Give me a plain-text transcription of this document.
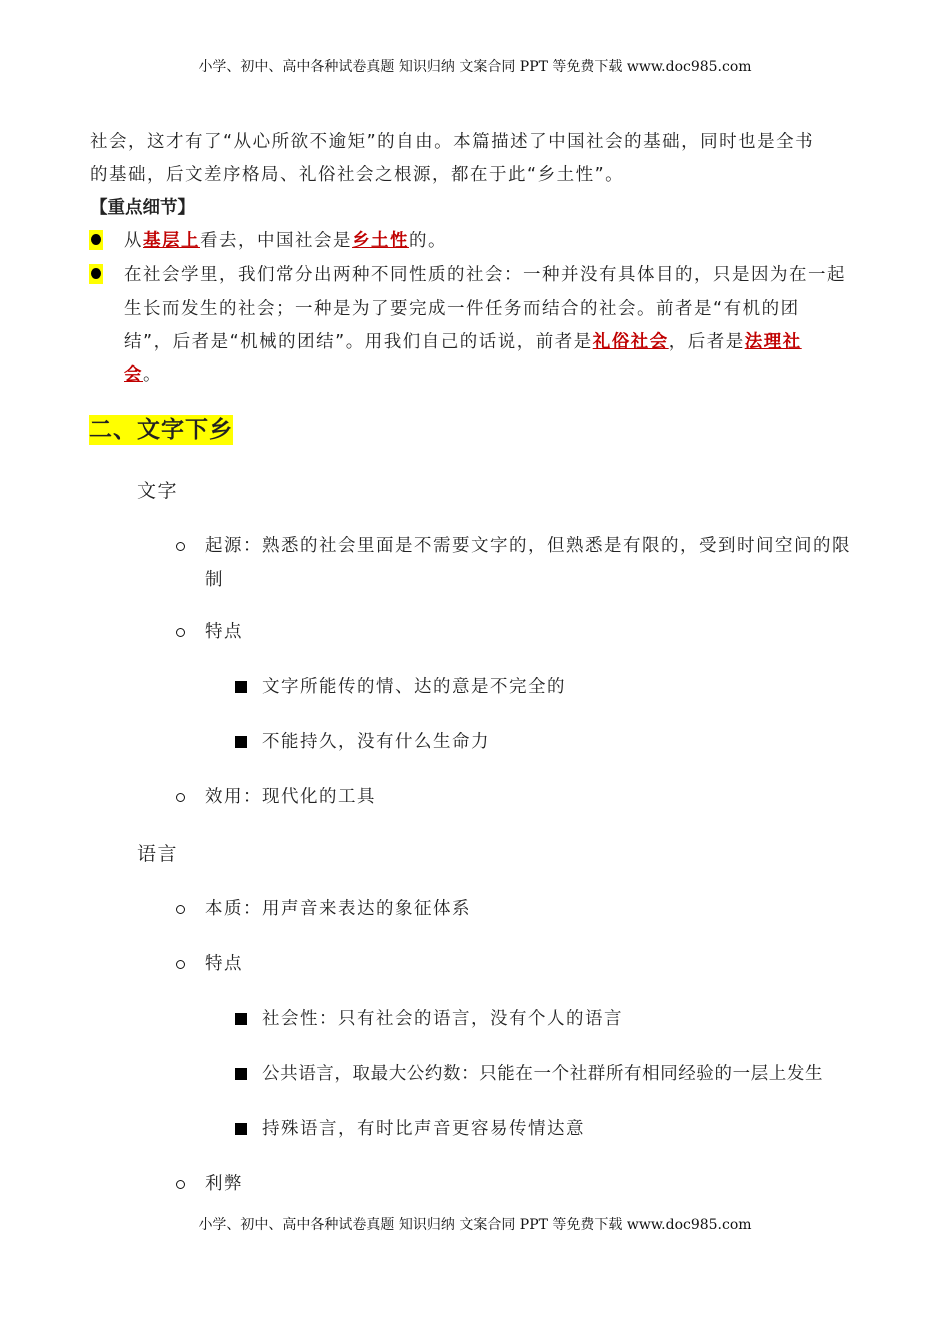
小学、初中、高中各种试卷真题 知识归纳 文案合同 PPT 等免费下载 www.doc985.com
社会，这才有了“从心所欲不逾矩”的自由。本篇描述了中国社会的基础，同时也是全书
的基础，后文差序格局、礼俗社会之根源，都在于此“乡土性”。
【重点细节】
从基层上看去，中国社会是乡土性的。
在社会学里，我们常分出两种不同性质的社会：一种并没有具体目的，只是因为在一起
生长而发生的社会；一种是为了要完成一件任务而结合的社会。前者是“有机的团
结”，后者是“机械的团结”。用我们自己的话说，前者是礼俗社会，后者是法理社
会。
二、文字下乡
文字
起源：熟悉的社会里面是不需要文字的，但熟悉是有限的，受到时间空间的限
制
特点
文字所能传的情、达的意是不完全的
不能持久，没有什么生命力
效用：现代化的工具
语言
本质：用声音来表达的象征体系
特点
社会性：只有社会的语言，没有个人的语言
公共语言，取最大公约数：只能在一个社群所有相同经验的一层上发生
持殊语言，有时比声音更容易传情达意
利弊
小学、初中、高中各种试卷真题 知识归纳 文案合同 PPT 等免费下载 www.doc985.com
